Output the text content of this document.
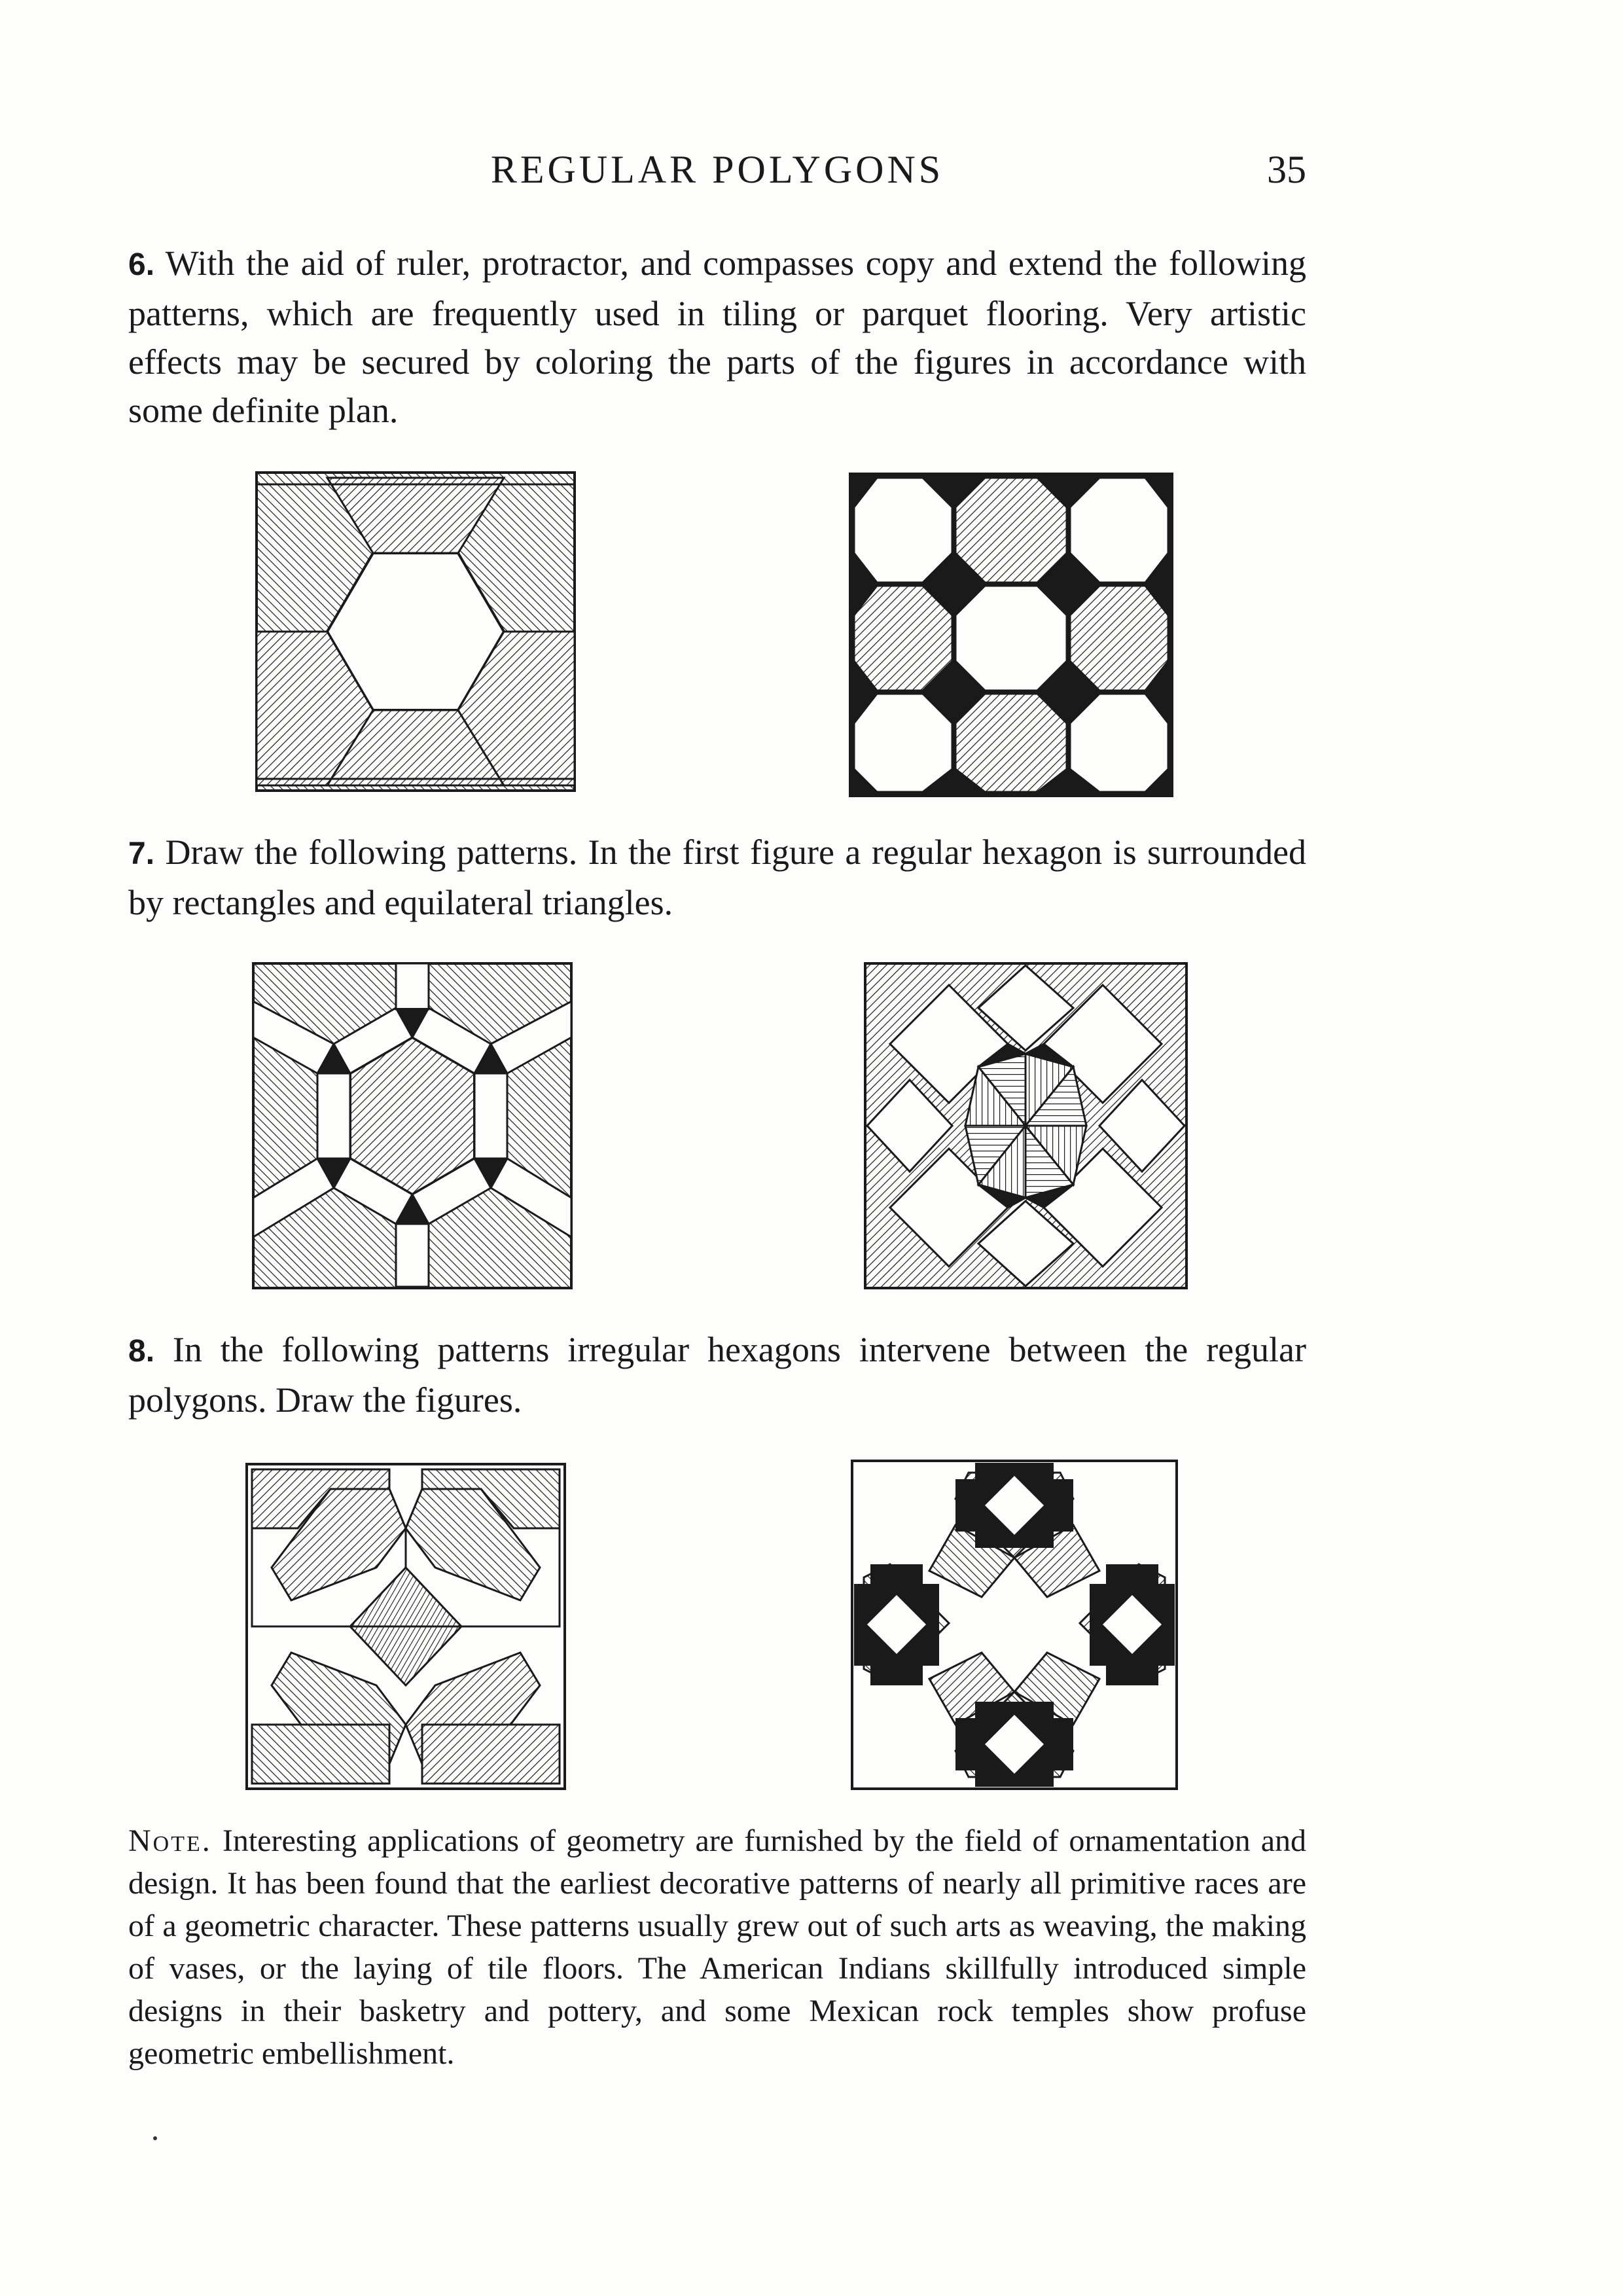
REGULAR POLYGONS	35

6. With the aid of ruler, protractor, and compasses copy and extend the following patterns, which are frequently used in tiling or parquet flooring. Very artistic effects may be secured by coloring the parts of the figures in accordance with some definite plan.

7. Draw the following patterns. In the first figure a regular hexagon is surrounded by rectangles and equilateral triangles.

8. In the following patterns irregular hexagons intervene between the regular polygons. Draw the figures.

Note. Interesting applications of geometry are furnished by the field of ornamentation and design. It has been found that the earliest decorative patterns of nearly all primitive races are of a geometric character. These patterns usually grew out of such arts as weaving, the making of vases, or the laying of tile floors. The American Indians skillfully introduced simple designs in their basketry and pottery, and some Mexican rock temples show profuse geometric embellishment.
